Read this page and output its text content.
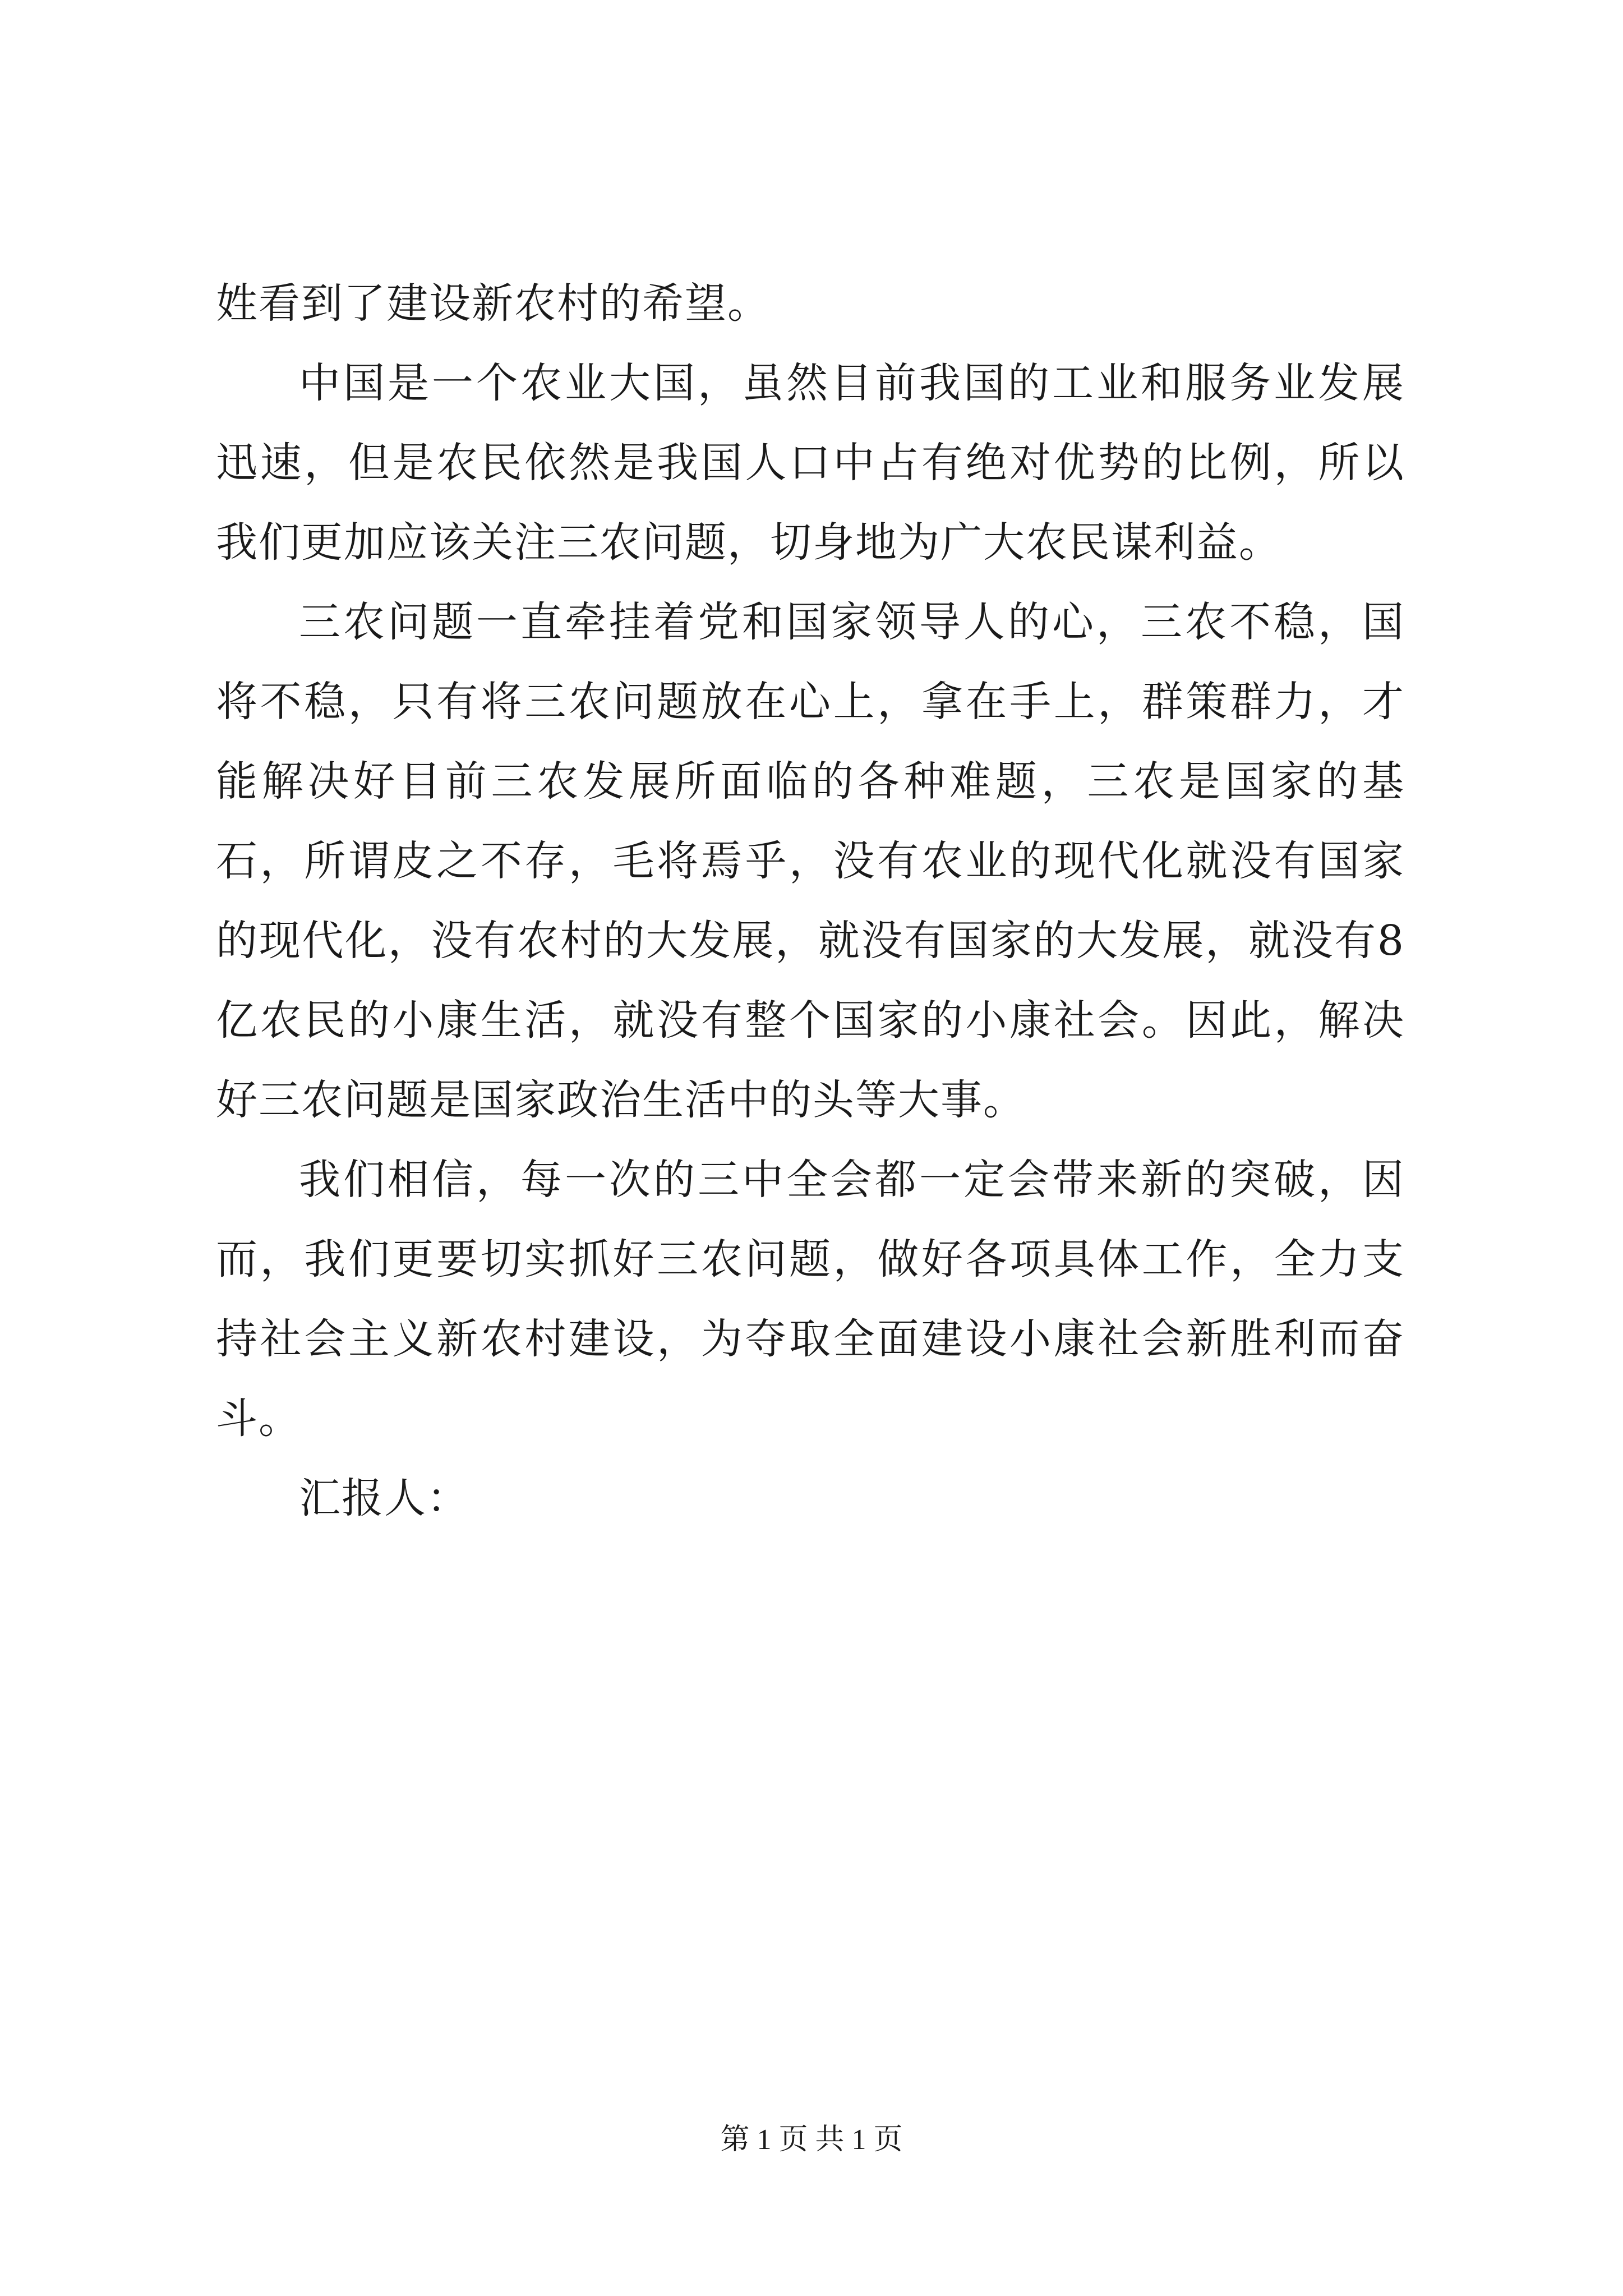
姓看到了建设新农村的希望。

中国是一个农业大国，虽然目前我国的工业和服务业发展迅速，但是农民依然是我国人口中占有绝对优势的比例，所以我们更加应该关注三农问题，切身地为广大农民谋利益。

三农问题一直牵挂着党和国家领导人的心，三农不稳，国将不稳，只有将三农问题放在心上，拿在手上，群策群力，才能解决好目前三农发展所面临的各种难题，三农是国家的基石，所谓皮之不存，毛将焉乎，没有农业的现代化就没有国家的现代化，没有农村的大发展，就没有国家的大发展，就没有8亿农民的小康生活，就没有整个国家的小康社会。因此，解决好三农问题是国家政治生活中的头等大事。

我们相信，每一次的三中全会都一定会带来新的突破，因而，我们更要切实抓好三农问题，做好各项具体工作，全力支持社会主义新农村建设，为夺取全面建设小康社会新胜利而奋斗。

汇报人：

第 1 页 共 1 页
